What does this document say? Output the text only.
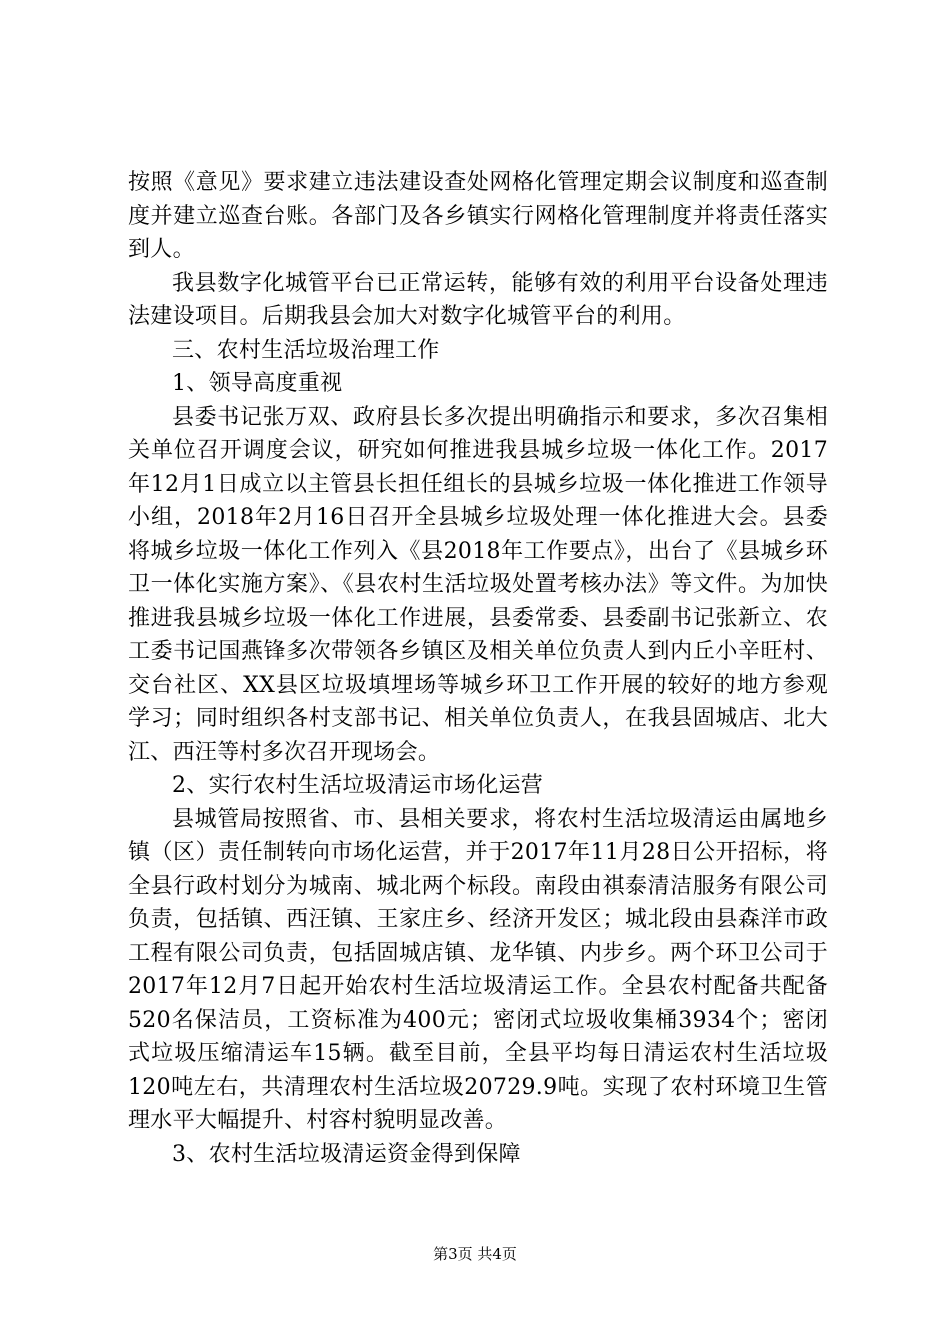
按照《意见》要求建立违法建设查处网格化管理定期会议制度和巡查制度并建立巡查台账。各部门及各乡镇实行网格化管理制度并将责任落实到人。

我县数字化城管平台已正常运转，能够有效的利用平台设备处理违法建设项目。后期我县会加大对数字化城管平台的利用。

三、农村生活垃圾治理工作

1、领导高度重视

县委书记张万双、政府县长多次提出明确指示和要求，多次召集相关单位召开调度会议，研究如何推进我县城乡垃圾一体化工作。2017年12月1日成立以主管县长担任组长的县城乡垃圾一体化推进工作领导小组，2018年2月16日召开全县城乡垃圾处理一体化推进大会。县委将城乡垃圾一体化工作列入《县2018年工作要点》，出台了《县城乡环卫一体化实施方案》、《县农村生活垃圾处置考核办法》等文件。为加快推进我县城乡垃圾一体化工作进展，县委常委、县委副书记张新立、农工委书记国燕锋多次带领各乡镇区及相关单位负责人到内丘小辛旺村、交台社区、XX县区垃圾填埋场等城乡环卫工作开展的较好的地方参观学习；同时组织各村支部书记、相关单位负责人，在我县固城店、北大江、西汪等村多次召开现场会。

2、实行农村生活垃圾清运市场化运营

县城管局按照省、市、县相关要求，将农村生活垃圾清运由属地乡镇（区）责任制转向市场化运营，并于2017年11月28日公开招标，将全县行政村划分为城南、城北两个标段。南段由祺泰清洁服务有限公司负责，包括镇、西汪镇、王家庄乡、经济开发区；城北段由县森洋市政工程有限公司负责，包括固城店镇、龙华镇、内步乡。两个环卫公司于2017年12月7日起开始农村生活垃圾清运工作。全县农村配备共配备520名保洁员，工资标准为400元；密闭式垃圾收集桶3934个；密闭式垃圾压缩清运车15辆。截至目前，全县平均每日清运农村生活垃圾120吨左右，共清理农村生活垃圾20729.9吨。实现了农村环境卫生管理水平大幅提升、村容村貌明显改善。

3、农村生活垃圾清运资金得到保障

第3页 共4页
